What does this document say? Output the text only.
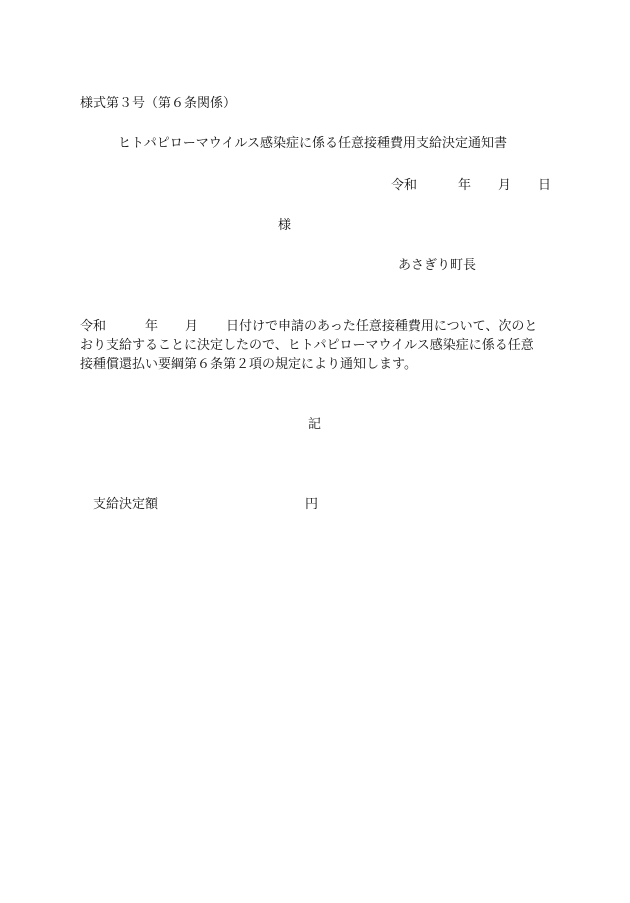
様式第３号（第６条関係）
ヒトパピローマウイルス感染症に係る任意接種費用支給決定通知書
令和	年 月 日
様
あさぎり町長
令和	年 月 日付けで申請のあった任意接種費用について、次のと
おり支給することに決定したので、ヒトパピローマウイルス感染症に係る任意
接種償還払い要綱第６条第２項の規定により通知します。
記
支給決定額	円
